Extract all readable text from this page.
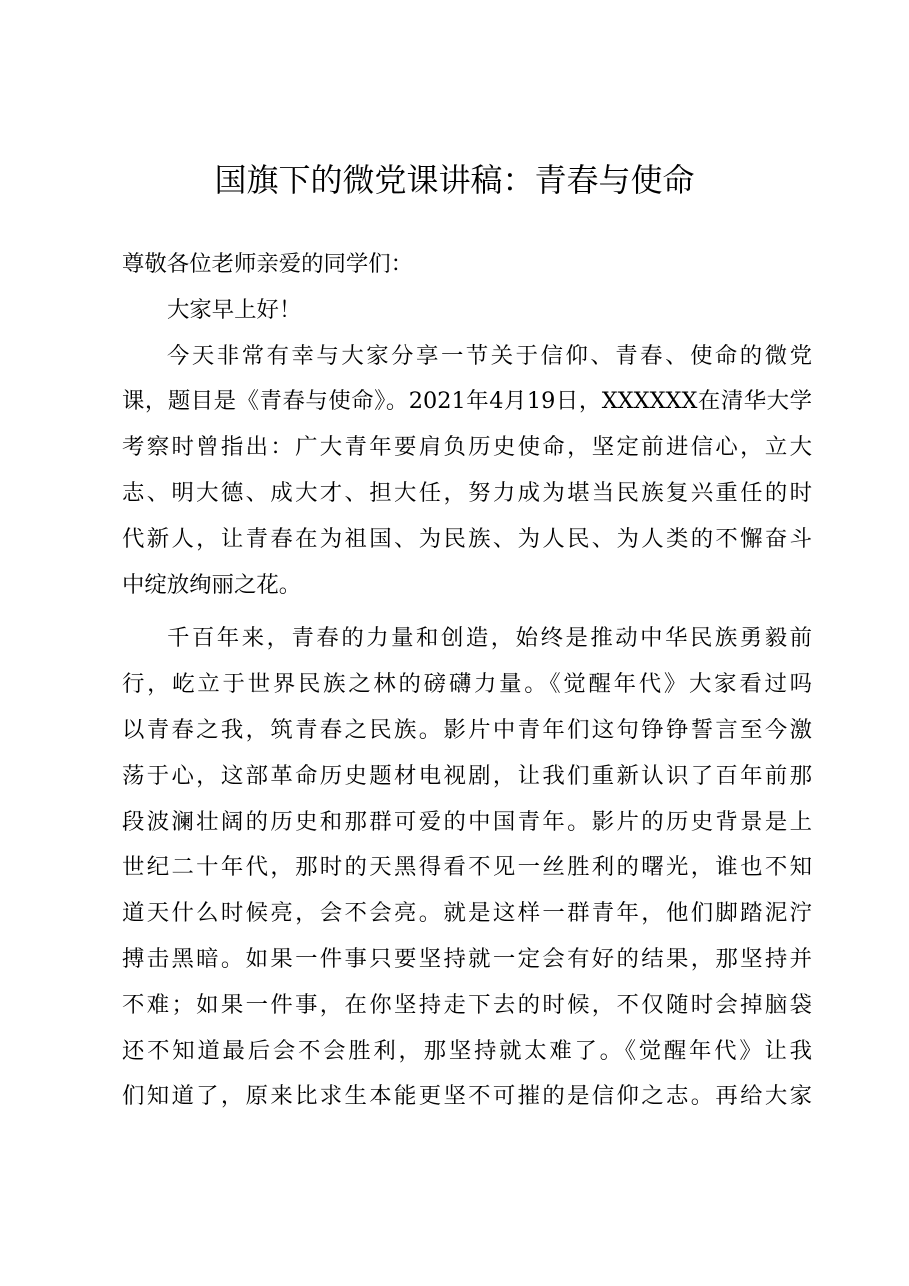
国旗下的微党课讲稿：青春与使命
尊敬各位老师亲爱的同学们：
大家早上好！
今天非常有幸与大家分享一节关于信仰、青春、使命的微党
课，题目是《青春与使命》。2021年4月19日，XXXXXX在清华大学
考察时曾指出：广大青年要肩负历史使命，坚定前进信心，立大
志、明大德、成大才、担大任，努力成为堪当民族复兴重任的时
代新人，让青春在为祖国、为民族、为人民、为人类的不懈奋斗
中绽放绚丽之花。
千百年来，青春的力量和创造，始终是推动中华民族勇毅前
行，屹立于世界民族之林的磅礴力量。《觉醒年代》大家看过吗
以青春之我，筑青春之民族。影片中青年们这句铮铮誓言至今激
荡于心，这部革命历史题材电视剧，让我们重新认识了百年前那
段波澜壮阔的历史和那群可爱的中国青年。影片的历史背景是上
世纪二十年代，那时的天黑得看不见一丝胜利的曙光，谁也不知
道天什么时候亮，会不会亮。就是这样一群青年，他们脚踏泥泞
搏击黑暗。如果一件事只要坚持就一定会有好的结果，那坚持并
不难；如果一件事，在你坚持走下去的时候，不仅随时会掉脑袋
还不知道最后会不会胜利，那坚持就太难了。《觉醒年代》让我
们知道了，原来比求生本能更坚不可摧的是信仰之志。再给大家
